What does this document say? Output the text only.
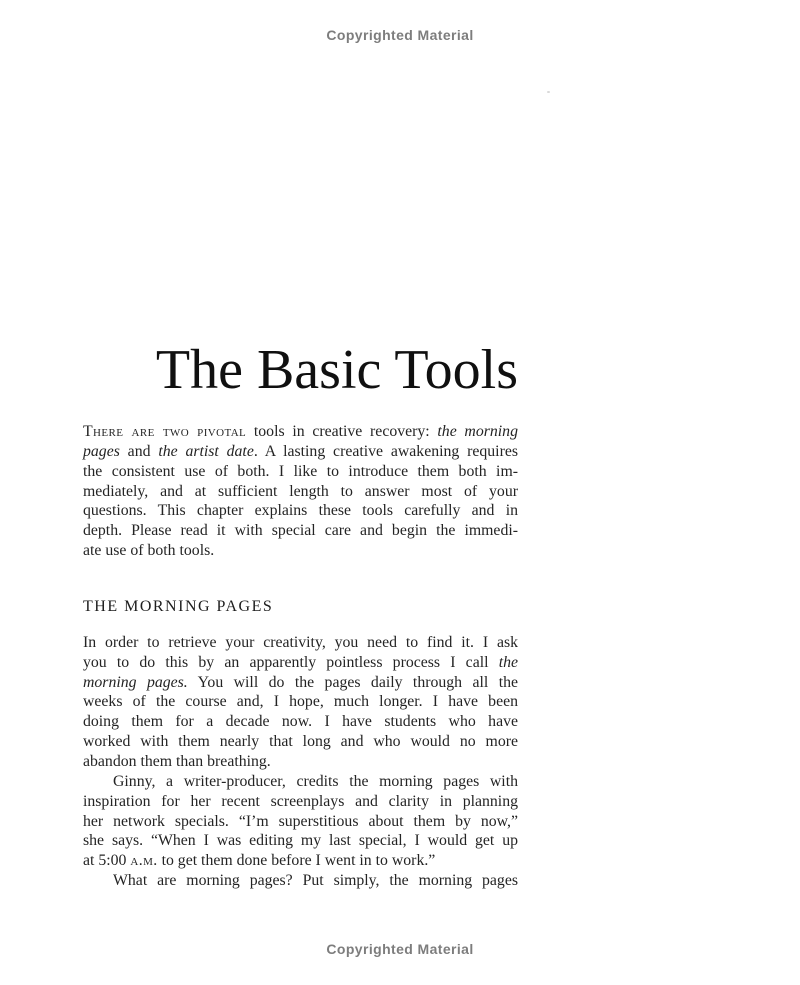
Copyrighted Material
The Basic Tools
There are two pivotal tools in creative recovery: the morning
pages and the artist date. A lasting creative awakening requires
the consistent use of both. I like to introduce them both im-
mediately, and at sufficient length to answer most of your
questions. This chapter explains these tools carefully and in
depth. Please read it with special care and begin the immedi-
ate use of both tools.
THE MORNING PAGES
In order to retrieve your creativity, you need to find it. I ask
you to do this by an apparently pointless process I call the
morning pages. You will do the pages daily through all the
weeks of the course and, I hope, much longer. I have been
doing them for a decade now. I have students who have
worked with them nearly that long and who would no more
abandon them than breathing.
Ginny, a writer-producer, credits the morning pages with
inspiration for her recent screenplays and clarity in planning
her network specials. “I’m superstitious about them by now,”
she says. “When I was editing my last special, I would get up
at 5:00 a.m. to get them done before I went in to work.”
What are morning pages? Put simply, the morning pages
Copyrighted Material
